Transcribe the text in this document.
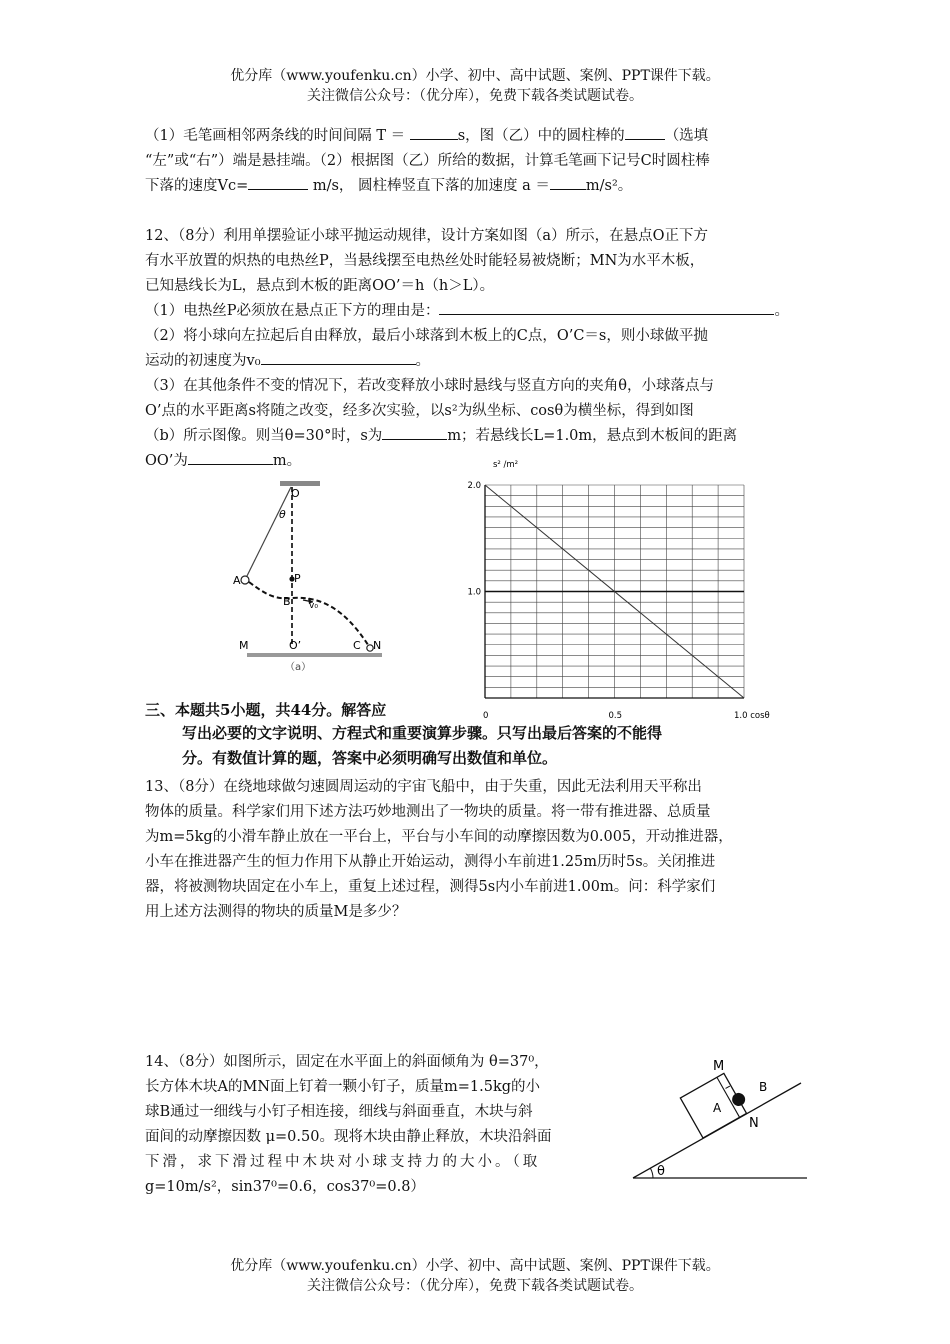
优分库（www.youfenku.cn）小学、初中、高中试题、案例、PPT课件下载。
关注微信公众号：（优分库），免费下载各类试题试卷。
（1）毛笔画相邻两条线的时间间隔 T ＝	s，图（乙）中的圆柱棒的	（选填
“左”或“右”）端是悬挂端。（2）根据图（乙）所给的数据，计算毛笔画下记号C时圆柱棒
下落的速度Vc=	m/s， 圆柱棒竖直下落的加速度 a ＝ m/s²。
12、（8分）利用单摆验证小球平抛运动规律，设计方案如图（a）所示，在悬点O正下方
有水平放置的炽热的电热丝P，当悬线摆至电热丝处时能轻易被烧断；MN为水平木板，
已知悬线长为L，悬点到木板的距离OO’＝h（h＞L）。
（1）电热丝P必须放在悬点正下方的理由是：	。
（2）将小球向左拉起后自由释放，最后小球落到木板上的C点，O’C＝s，则小球做平抛
运动的初速度为v₀	。
（3）在其他条件不变的情况下，若改变释放小球时悬线与竖直方向的夹角θ，小球落点与
O’点的水平距离s将随之改变，经多次实验，以s²为纵坐标、cosθ为横坐标，得到如图
（b）所示图像。则当θ=30°时，s为	m；若悬线长L=1.0m，悬点到木板间的距离
OO’为	m。
O
θ
A	P
B v₀
M	O’	C N
（a）
s² /m²
2.0
1.0
0	0.5	1.0 cosθ
三、本题共5小题，共44分。解答应
写出必要的文字说明、方程式和重要演算步骤。只写出最后答案的不能得
分。有数值计算的题，答案中必须明确写出数值和单位。
13、（8分）在绕地球做匀速圆周运动的宇宙飞船中，由于失重，因此无法利用天平称出
物体的质量。科学家们用下述方法巧妙地测出了一物块的质量。将一带有推进器、总质量
为m=5kg的小滑车静止放在一平台上，平台与小车间的动摩擦因数为0.005，开动推进器，
小车在推进器产生的恒力作用下从静止开始运动，测得小车前进1.25m历时5s。关闭推进
器，将被测物块固定在小车上，重复上述过程，测得5s内小车前进1.00m。问：科学家们
用上述方法测得的物块的质量M是多少？
14、（8分）如图所示，固定在水平面上的斜面倾角为 θ=37⁰，
长方体木块A的MN面上钉着一颗小钉子，质量m=1.5kg的小
球B通过一细线与小钉子相连接，细线与斜面垂直，木块与斜
面间的动摩擦因数 μ=0.50。现将木块由静止释放，木块沿斜面
下滑，求下滑过程中木块对小球支持力的大小。（取
g=10m/s²，sin37⁰=0.6，cos37⁰=0.8）
M
A
B
N
θ
优分库（www.youfenku.cn）小学、初中、高中试题、案例、PPT课件下载。
关注微信公众号：（优分库），免费下载各类试题试卷。
